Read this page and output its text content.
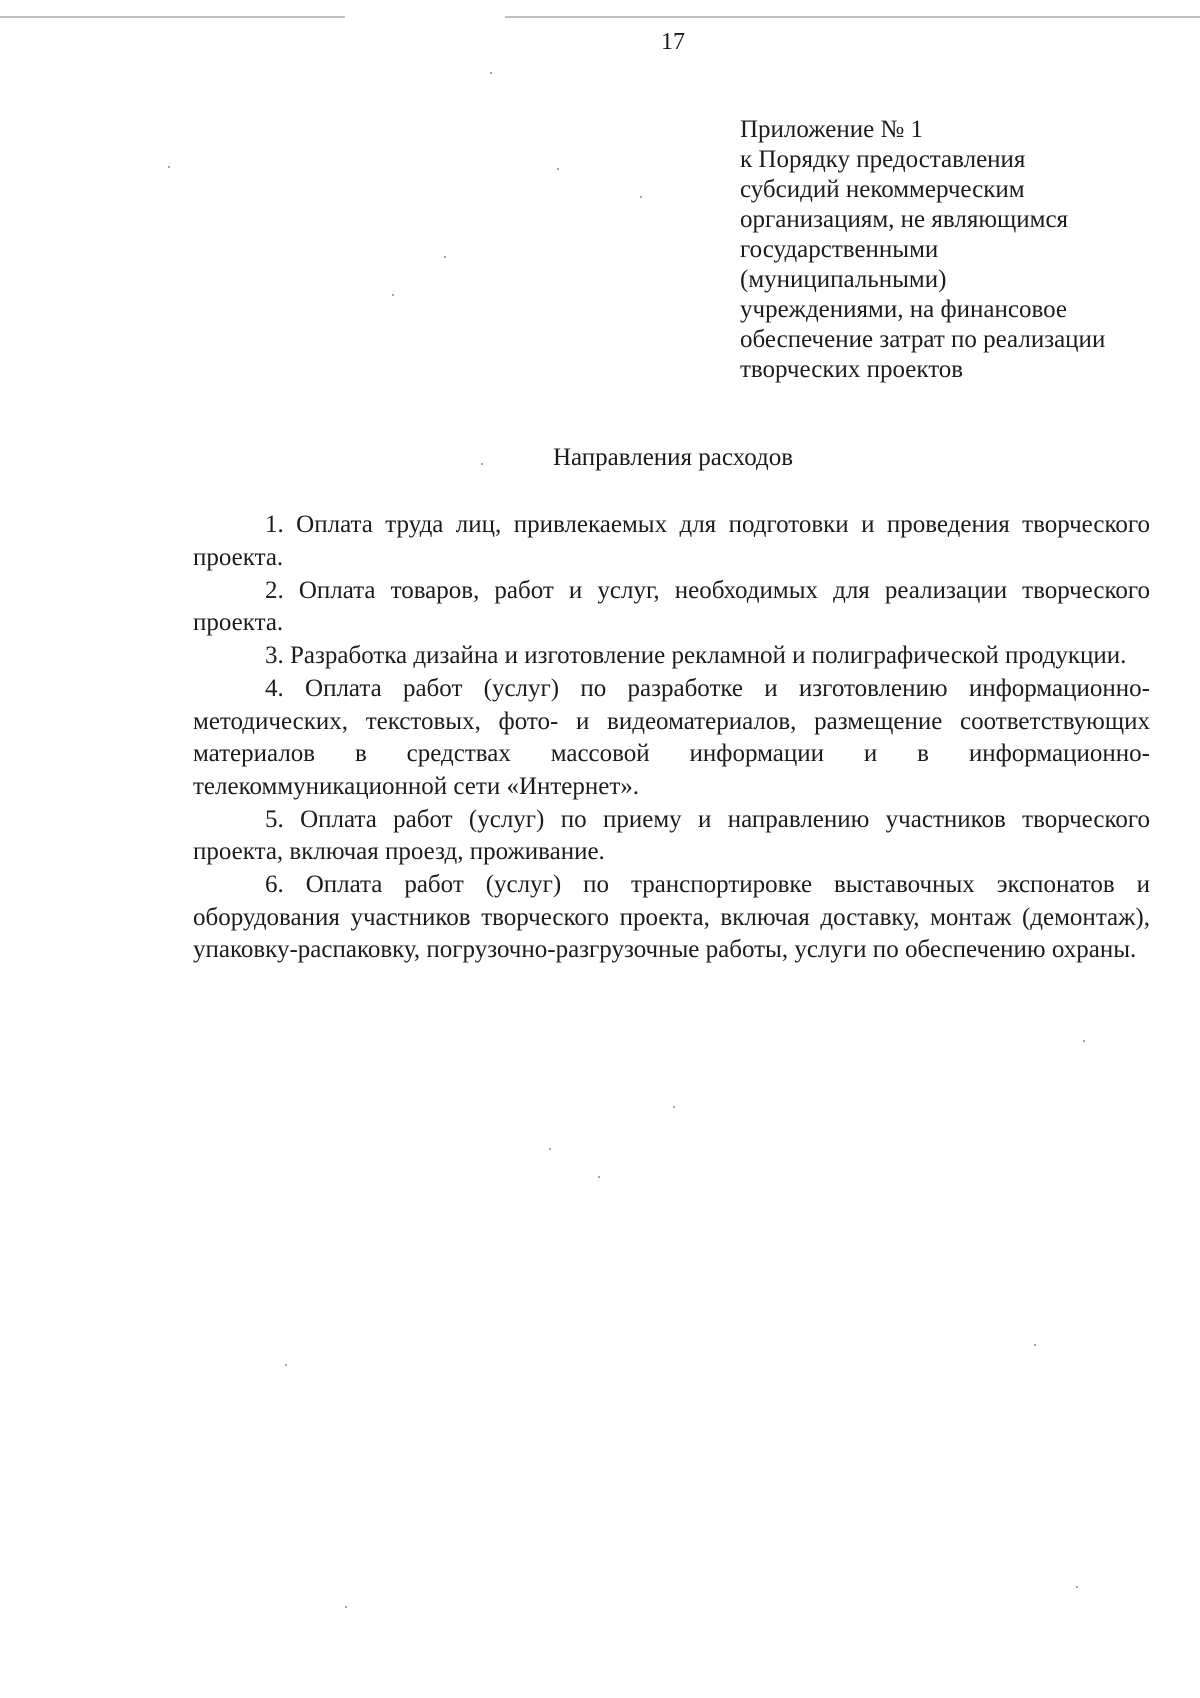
17
Приложение № 1
к Порядку предоставления
субсидий некоммерческим
организациям, не являющимся
государственными
(муниципальными)
учреждениями, на финансовое
обеспечение затрат по реализации
творческих проектов
Направления расходов

1. Оплата труда лиц, привлекаемых для подготовки и проведения творческого проекта.

2. Оплата товаров, работ и услуг, необходимых для реализации творческого проекта.

3. Разработка дизайна и изготовление рекламной и полиграфической продукции.

4. Оплата работ (услуг) по разработке и изготовлению информационно-методических, текстовых, фото- и видеоматериалов, размещение соответствующих материалов в средствах массовой информации и в информационно-телекоммуникационной сети «Интернет».

5. Оплата работ (услуг) по приему и направлению участников творческого проекта, включая проезд, проживание.

6. Оплата работ (услуг) по транспортировке выставочных экспонатов и оборудования участников творческого проекта, включая доставку, монтаж (демонтаж), упаковку-распаковку, погрузочно-разгрузочные работы, услуги по обеспечению охраны.
